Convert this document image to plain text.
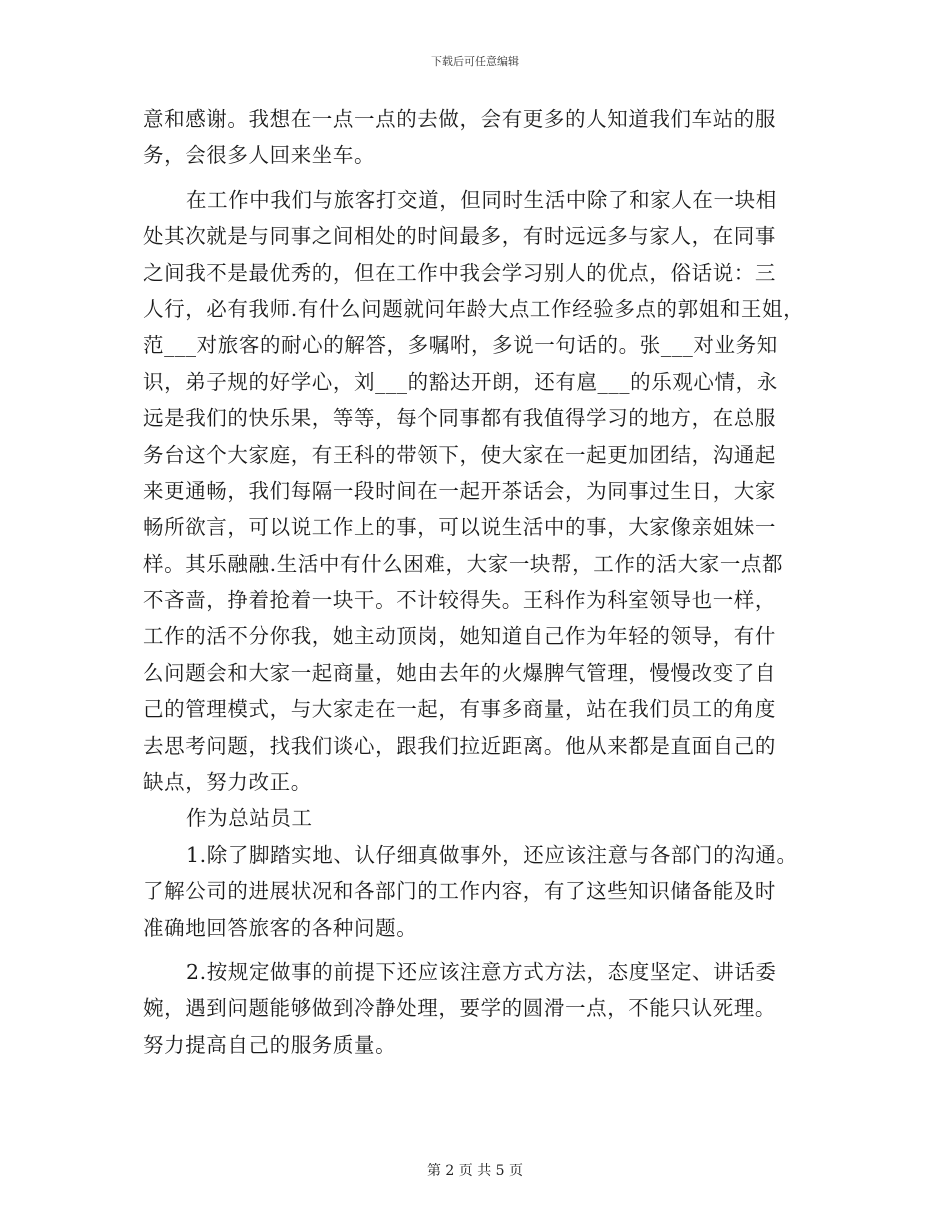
下载后可任意编辑
意和感谢。我想在一点一点的去做，会有更多的人知道我们车站的服
务，会很多人回来坐车。
在工作中我们与旅客打交道，但同时生活中除了和家人在一块相
处其次就是与同事之间相处的时间最多，有时远远多与家人，在同事
之间我不是最优秀的，但在工作中我会学习别人的优点，俗话说：三
人行，必有我师.有什么问题就问年龄大点工作经验多点的郭姐和王姐，
范___对旅客的耐心的解答，多嘱咐，多说一句话的。张___对业务知
识，弟子规的好学心，刘___的豁达开朗，还有扈___的乐观心情，永
远是我们的快乐果，等等，每个同事都有我值得学习的地方，在总服
务台这个大家庭，有王科的带领下，使大家在一起更加团结，沟通起
来更通畅，我们每隔一段时间在一起开茶话会，为同事过生日，大家
畅所欲言，可以说工作上的事，可以说生活中的事，大家像亲姐妹一
样。其乐融融.生活中有什么困难，大家一块帮，工作的活大家一点都
不吝啬，挣着抢着一块干。不计较得失。王科作为科室领导也一样，
工作的活不分你我，她主动顶岗，她知道自己作为年轻的领导，有什
么问题会和大家一起商量，她由去年的火爆脾气管理，慢慢改变了自
己的管理模式，与大家走在一起，有事多商量，站在我们员工的角度
去思考问题，找我们谈心，跟我们拉近距离。他从来都是直面自己的
缺点，努力改正。
作为总站员工
1.除了脚踏实地、认仔细真做事外，还应该注意与各部门的沟通。
了解公司的进展状况和各部门的工作内容，有了这些知识储备能及时
准确地回答旅客的各种问题。
2.按规定做事的前提下还应该注意方式方法，态度坚定、讲话委
婉，遇到问题能够做到冷静处理，要学的圆滑一点，不能只认死理。
努力提高自己的服务质量。
第 2 页 共 5 页
